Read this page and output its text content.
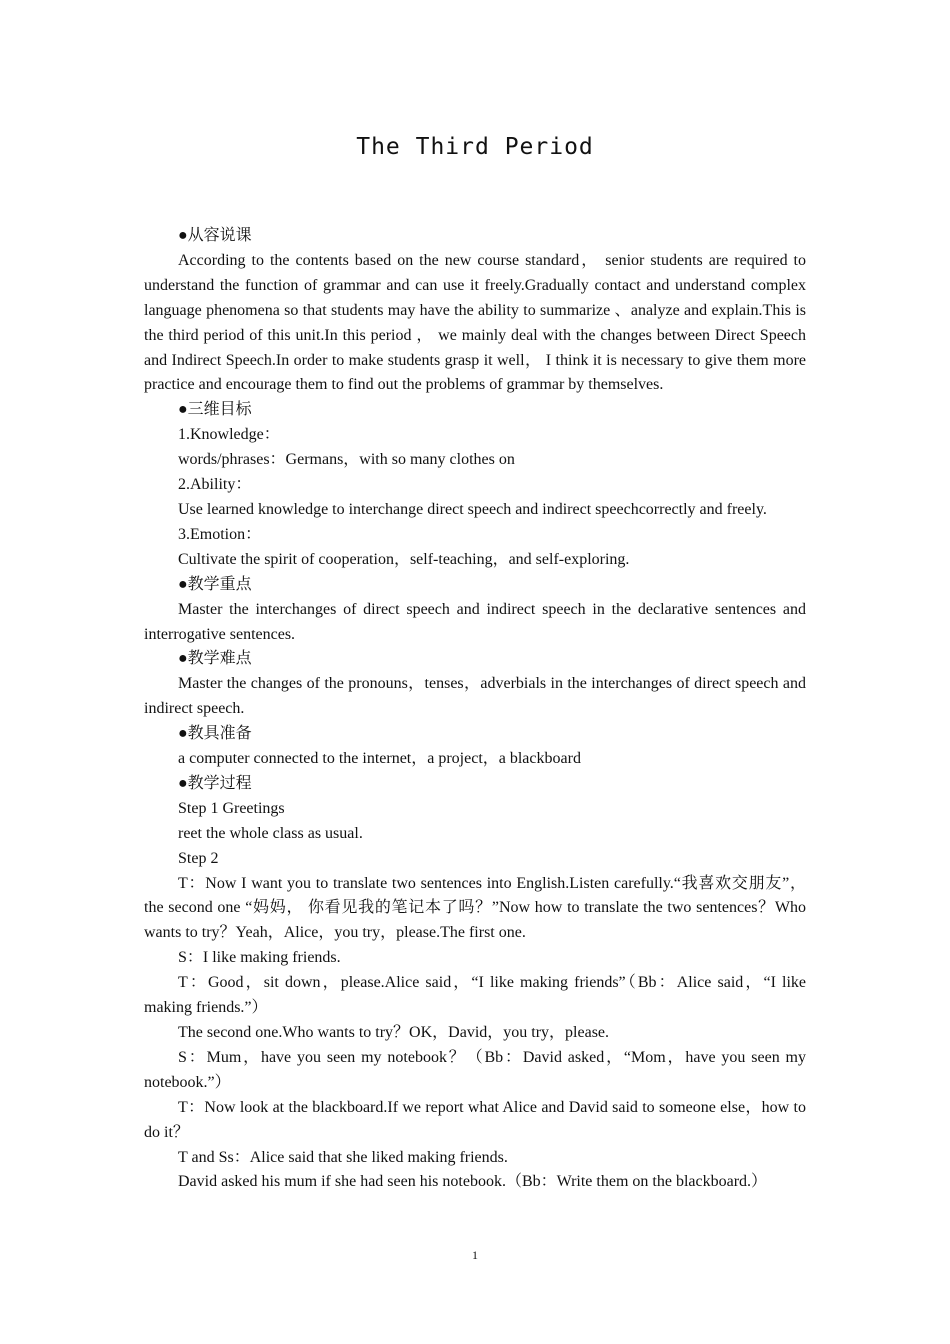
The Third Period
●从容说课

According to the contents based on the new course standard， senior students are required to understand the function of grammar and can use it freely.Gradually contact and understand complex language phenomena so that students may have the ability to summarize 、analyze and explain.This is the third period of this unit.In this period ， we mainly deal with the changes between Direct Speech and Indirect Speech.In order to make students grasp it well， I think it is necessary to give them more practice and encourage them to find out the problems of grammar by themselves.

●三维目标

1.Knowledge：

words/phrases：Germans，with so many clothes on

2.Ability：

Use learned knowledge to interchange direct speech and indirect speechcorrectly and freely.

3.Emotion：

Cultivate the spirit of cooperation，self-teaching，and self-exploring.

●教学重点

Master the interchanges of direct speech and indirect speech in the declarative sentences and interrogative sentences.

●教学难点

Master the changes of the pronouns，tenses，adverbials in the interchanges of direct speech and indirect speech.

●教具准备

a computer connected to the internet，a project，a blackboard

●教学过程

Step 1 Greetings

reet the whole class as usual.

Step 2

T：Now I want you to translate two sentences into English.Listen carefully.“我喜欢交朋友”，the second one “妈妈， 你看见我的笔记本了吗？”Now how to translate the two sentences？Who wants to try？Yeah，Alice，you try，please.The first one.

S：I like making friends.

T：Good，sit down，please.Alice said，“I like making friends”（Bb：Alice said，“I like making friends.”）

The second one.Who wants to try？OK，David，you try，please.

S：Mum，have you seen my notebook？（Bb：David asked，“Mom，have you seen my notebook.”）

T：Now look at the blackboard.If we report what Alice and David said to someone else，how to do it？

T and Ss：Alice said that she liked making friends.

David asked his mum if she had seen his notebook.（Bb：Write them on the blackboard.）

1
